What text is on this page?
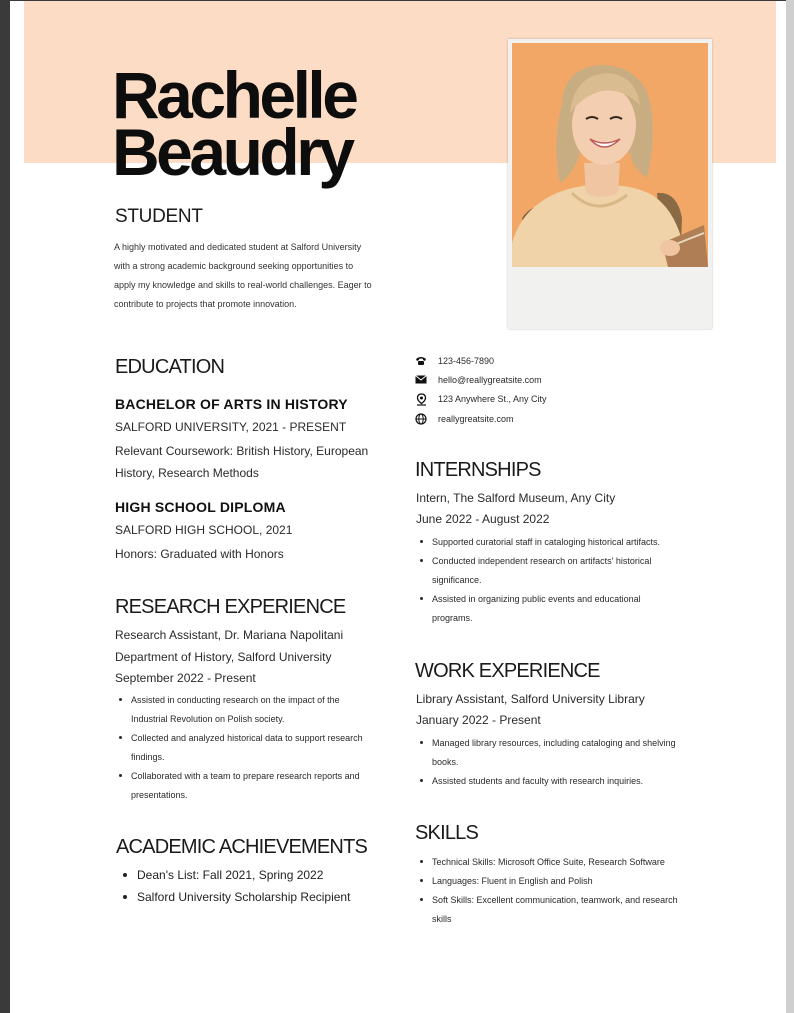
Rachelle
Beaudry
STUDENT

A highly motivated and dedicated student at Salford University with a strong academic background seeking opportunities to apply my knowledge and skills to real-world challenges. Eager to contribute to projects that promote innovation.

EDUCATION
BACHELOR OF ARTS IN HISTORY
SALFORD UNIVERSITY, 2021 - PRESENT
Relevant Coursework: British History, European
History, Research Methods
HIGH SCHOOL DIPLOMA
SALFORD HIGH SCHOOL, 2021
Honors: Graduated with Honors
RESEARCH EXPERIENCE
Research Assistant, Dr. Mariana Napolitani
Department of History, Salford University
September 2022 - Present
Assisted in conducting research on the impact of the
Industrial Revolution on Polish society.
Collected and analyzed historical data to support research
findings.
Collaborated with a team to prepare research reports and
presentations.
ACADEMIC ACHIEVEMENTS
Dean's List: Fall 2021, Spring 2022
Salford University Scholarship Recipient
123-456-7890
hello@reallygreatsite.com
123 Anywhere St., Any City
reallygreatsite.com
INTERNSHIPS
Intern, The Salford Museum, Any City
June 2022 - August 2022
Supported curatorial staff in cataloging historical artifacts.
Conducted independent research on artifacts' historical
significance.
Assisted in organizing public events and educational
programs.
WORK EXPERIENCE
Library Assistant, Salford University Library
January 2022 - Present
Managed library resources, including cataloging and shelving
books.
Assisted students and faculty with research inquiries.
SKILLS
Technical Skills: Microsoft Office Suite, Research Software
Languages: Fluent in English and Polish
Soft Skills: Excellent communication, teamwork, and research
skills
